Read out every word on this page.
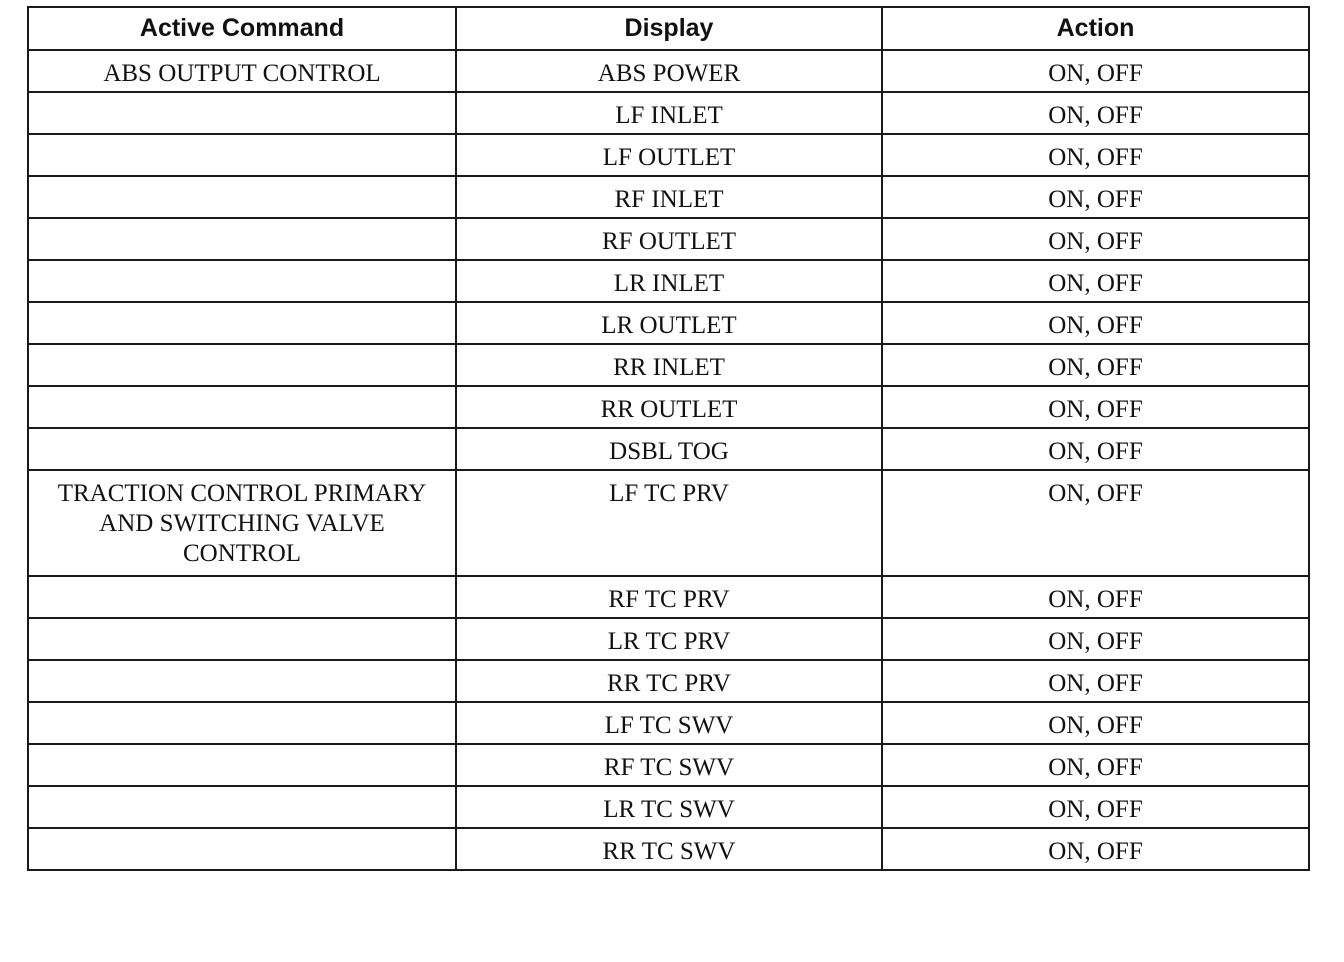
Active Command	Display	Action
ABS OUTPUT CONTROL	ABS POWER	ON, OFF
	LF INLET	ON, OFF
	LF OUTLET	ON, OFF
	RF INLET	ON, OFF
	RF OUTLET	ON, OFF
	LR INLET	ON, OFF
	LR OUTLET	ON, OFF
	RR INLET	ON, OFF
	RR OUTLET	ON, OFF
	DSBL TOG	ON, OFF
TRACTION CONTROL PRIMARY
AND SWITCHING VALVE
CONTROL	LF TC PRV	ON, OFF
	RF TC PRV	ON, OFF
	LR TC PRV	ON, OFF
	RR TC PRV	ON, OFF
	LF TC SWV	ON, OFF
	RF TC SWV	ON, OFF
	LR TC SWV	ON, OFF
	RR TC SWV	ON, OFF
